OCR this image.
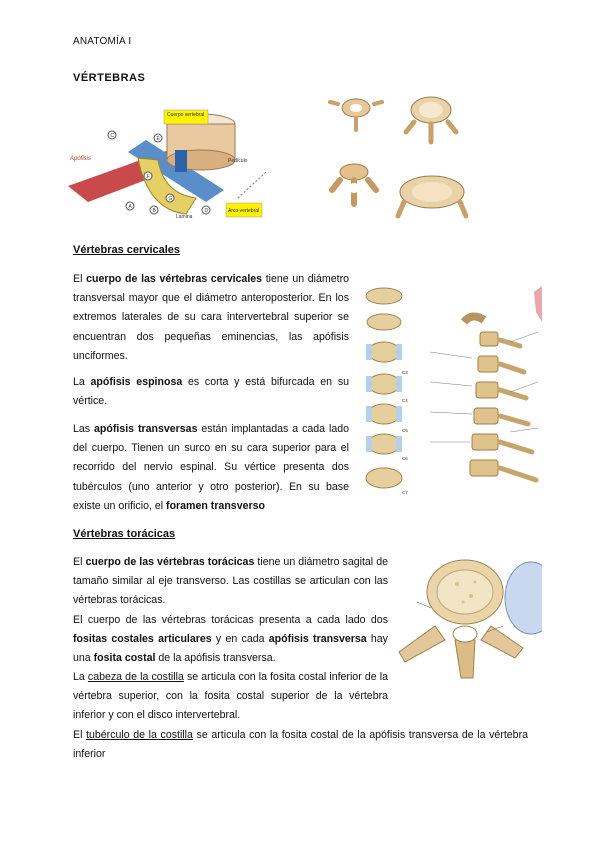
ANATOMÍA I
VÉRTEBRAS
Cuerpo vertebral
Apófisis	Pedículo
Arco vertebral
Lamina
A
B
C
D
E
F
G
Vértebras cervicales
El cuerpo de las vértebras cervicales tiene un diámetro transversal mayor que el diámetro anteroposterior. En los extremos laterales de su cara intervertebral superior se encuentran dos pequeñas eminencias, las apófisis unciformes.
La apófisis espinosa es corta y está bifurcada en su vértice.
Las apófisis transversas están implantadas a cada lado del cuerpo. Tienen un surco en su cara superior para el recorrido del nervio espinal. Su vértice presenta dos tubérculos (uno anterior y otro posterior). En su base existe un orificio, el foramen transverso
C3
C4
C5
C6
C7
Vértebras torácicas
El cuerpo de las vértebras torácicas tiene un diámetro sagital de tamaño similar al eje transverso. Las costillas se articulan con las vértebras torácicas.
El cuerpo de las vértebras torácicas presenta a cada lado dos fositas costales articulares y en cada apófisis transversa hay una fosita costal de la apófisis transversa.
La cabeza de la costilla se articula con la fosita costal inferior de la vértebra superior, con la fosita costal superior de la vértebra inferior y con el disco intervertebral.
El tubérculo de la costilla se articula con la fosita costal de la apófisis transversa de la vértebra inferior
